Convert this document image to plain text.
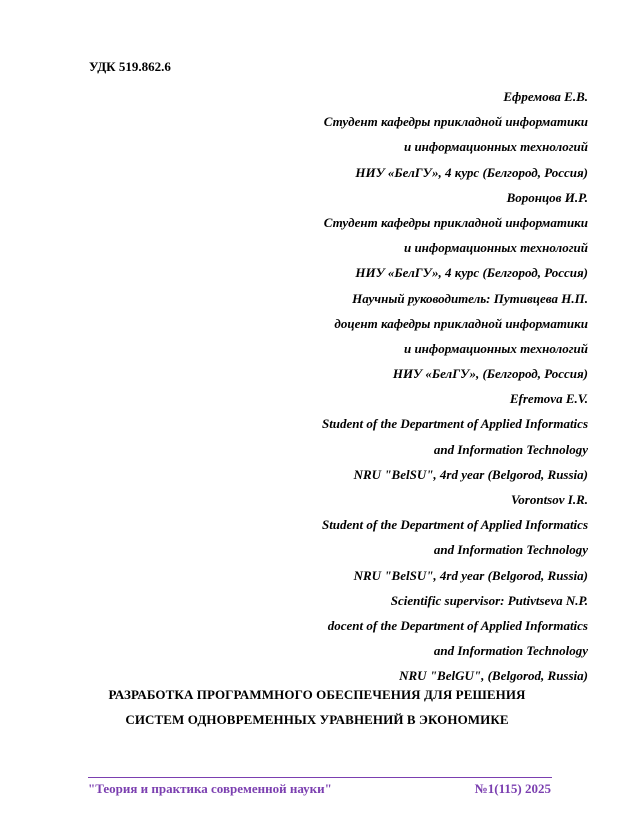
УДК 519.862.6
Ефремова Е.В.
Студент кафедры прикладной информатики
и информационных технологий
НИУ «БелГУ», 4 курс (Белгород, Россия)
Воронцов И.Р.
Студент кафедры прикладной информатики
и информационных технологий
НИУ «БелГУ», 4 курс (Белгород, Россия)
Научный руководитель: Путивцева Н.П.
доцент кафедры прикладной информатики
и информационных технологий
НИУ «БелГУ», (Белгород, Россия)
Efremova E.V.
Student of the Department of Applied Informatics
and Information Technology
NRU "BelSU", 4rd year (Belgorod, Russia)
Vorontsov I.R.
Student of the Department of Applied Informatics
and Information Technology
NRU "BelSU", 4rd year (Belgorod, Russia)
Scientific supervisor: Putivtseva N.P.
docent of the Department of Applied Informatics
and Information Technology
NRU "BelGU", (Belgorod, Russia)
РАЗРАБОТКА ПРОГРАММНОГО ОБЕСПЕЧЕНИЯ ДЛЯ РЕШЕНИЯ
СИСТЕМ ОДНОВРЕМЕННЫХ УРАВНЕНИЙ В ЭКОНОМИКЕ
"Теория и практика современной науки"	№1(115) 2025
